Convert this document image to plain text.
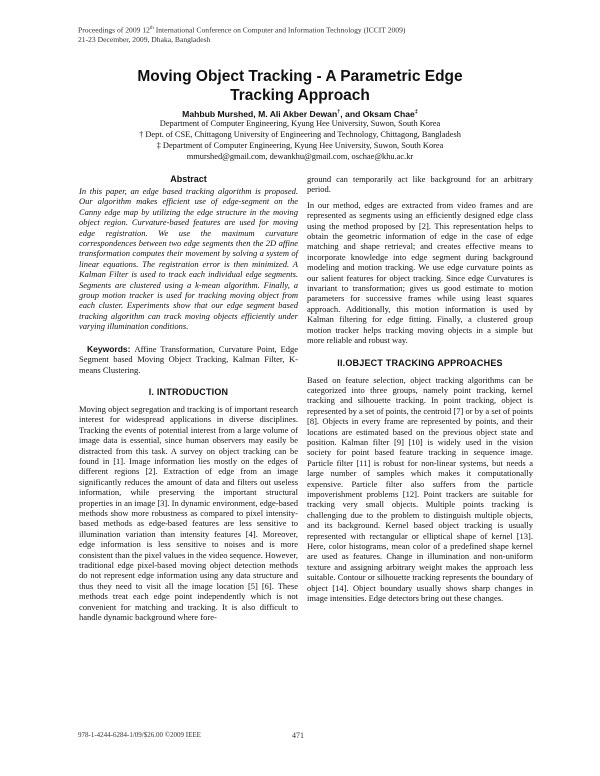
Proceedings of 2009 12th International Conference on Computer and Information Technology (ICCIT 2009)
21-23 December, 2009, Dhaka, Bangladesh
Moving Object Tracking - A Parametric Edge
Tracking Approach
Mahbub Murshed, M. Ali Akber Dewan†, and Oksam Chae‡
Department of Computer Engineering, Kyung Hee University, Suwon, South Korea
† Dept. of CSE, Chittagong University of Engineering and Technology, Chittagong, Bangladesh
‡ Department of Computer Engineering, Kyung Hee University, Suwon, South Korea
mmurshed@gmail.com, dewankhu@gmail.com, oschae@khu.ac.kr
Abstract

In this paper, an edge based tracking algorithm is proposed. Our algorithm makes efficient use of edge-segment on the Canny edge map by utilizing the edge structure in the moving object region. Curvature-based features are used for moving edge registration. We use the maximum curvature correspondences between two edge segments then the 2D affine transformation computes their movement by solving a system of linear equations. The registration error is then minimized. A Kalman Filter is used to track each individual edge segments. Segments are clustered using a k-mean algorithm. Finally, a group motion tracker is used for tracking moving object from each cluster. Experiments show that our edge segment based tracking algorithm can track moving objects efficiently under varying illumination conditions.

Keywords: Affine Transformation, Curvature Point, Edge Segment based Moving Object Tracking, Kalman Filter, K-means Clustering.

I. INTRODUCTION

Moving object segregation and tracking is of important research interest for widespread applications in diverse disciplines. Tracking the events of potential interest from a large volume of image data is essential, since human observers may easily be distracted from this task. A survey on object tracking can be found in [1]. Image information lies mostly on the edges of different regions [2]. Extraction of edge from an image significantly reduces the amount of data and filters out useless information, while preserving the important structural properties in an image [3]. In dynamic environment, edge-based methods show more robustness as compared to pixel intensity-based methods as edge-based features are less sensitive to illumination variation than intensity features [4]. Moreover, edge information is less sensitive to noises and is more consistent than the pixel values in the video sequence. However, traditional edge pixel-based moving object detection methods do not represent edge information using any data structure and thus they need to visit all the image location [5] [6]. These methods treat each edge point independently which is not convenient for matching and tracking. It is also difficult to handle dynamic background where fore-

ground can temporarily act like background for an arbitrary period.

In our method, edges are extracted from video frames and are represented as segments using an efficiently designed edge class using the method proposed by [2]. This representation helps to obtain the geometric information of edge in the case of edge matching and shape retrieval; and creates effective means to incorporate knowledge into edge segment during background modeling and motion tracking. We use edge curvature points as our salient features for object tracking. Since edge Curvatures is invariant to transformation; gives us good estimate to motion parameters for successive frames while using least squares approach. Additionally, this motion information is used by Kalman filtering for edge fitting. Finally, a clustered group motion tracker helps tracking moving objects in a simple but more reliable and robust way.

II.OBJECT TRACKING APPROACHES

Based on feature selection, object tracking algorithms can be categorized into three groups, namely point tracking, kernel tracking and silhouette tracking. In point tracking, object is represented by a set of points, the centroid [7] or by a set of points [8]. Objects in every frame are represented by points, and their locations are estimated based on the previous object state and position. Kalman filter [9] [10] is widely used in the vision society for point based feature tracking in sequence image. Particle filter [11] is robust for non-linear systems, but needs a large number of samples which makes it computationally expensive. Particle filter also suffers from the particle impoverishment problems [12]. Point trackers are suitable for tracking very small objects. Multiple points tracking is challenging due to the problem to distinguish multiple objects, and its background. Kernel based object tracking is usually represented with rectangular or elliptical shape of kernel [13]. Here, color histograms, mean color of a predefined shape kernel are used as features. Change in illumination and non-uniform texture and assigning arbitrary weight makes the approach less suitable. Contour or silhouette tracking represents the boundary of object [14]. Object boundary usually shows sharp changes in image intensities. Edge detectors bring out these changes.

978-1-4244-6284-1/09/$26.00 ©2009 IEEE	471
